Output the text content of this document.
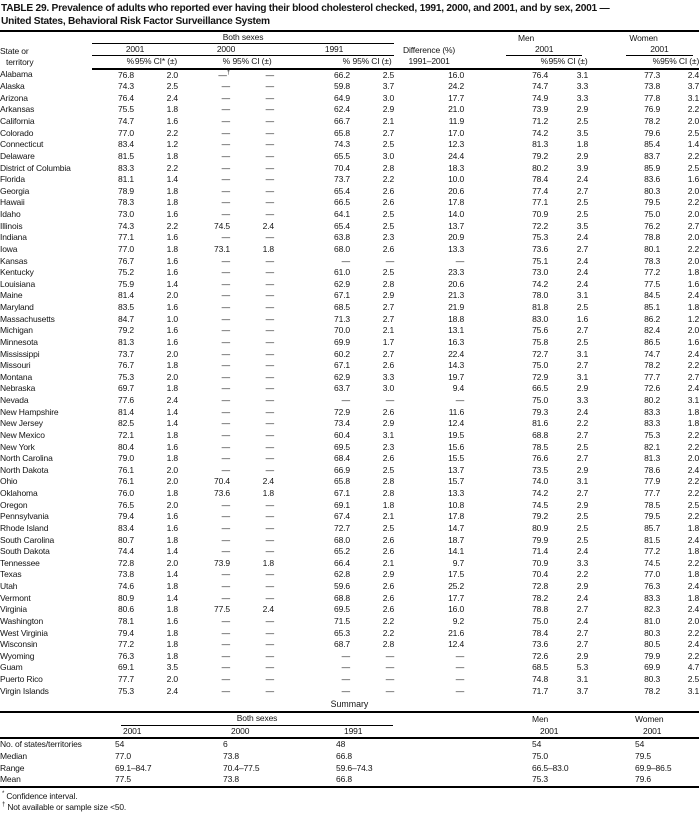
TABLE 29. Prevalence of adults who reported ever having their blood cholesterol checked, 1991, 2000, and 2001, and by sex, 2001 —
United States, Behavioral Risk Factor Surveillance System
State or
territory	Both sexes							Men		Women	
	2001		2000		1991		Difference (%)	2001		2001	

	%	95% CI* (±)	%	95% CI (±)	%	95% CI (±)	1991–2001	%	95% CI (±)	%	95% CI (±)
Alabama	76.8	2.0	—†	—	66.2	2.5	16.0	76.4	3.1	77.3	2.4
Alaska	74.3	2.5	—	—	59.8	3.7	24.2	74.7	3.3	73.8	3.7
Arizona	76.4	2.4	—	—	64.9	3.0	17.7	74.9	3.3	77.8	3.1
Arkansas	75.5	1.8	—	—	62.4	2.9	21.0	73.9	2.9	76.9	2.2
California	74.7	1.6	—	—	66.7	2.1	11.9	71.2	2.5	78.2	2.0
Colorado	77.0	2.2	—	—	65.8	2.7	17.0	74.2	3.5	79.6	2.5
Connecticut	83.4	1.2	—	—	74.3	2.5	12.3	81.3	1.8	85.4	1.4
Delaware	81.5	1.8	—	—	65.5	3.0	24.4	79.2	2.9	83.7	2.2
District of Columbia	83.3	2.2	—	—	70.4	2.8	18.3	80.2	3.9	85.9	2.5
Florida	81.1	1.4	—	—	73.7	2.2	10.0	78.4	2.4	83.6	1.6
Georgia	78.9	1.8	—	—	65.4	2.6	20.6	77.4	2.7	80.3	2.0
Hawaii	78.3	1.8	—	—	66.5	2.6	17.8	77.1	2.5	79.5	2.2
Idaho	73.0	1.6	—	—	64.1	2.5	14.0	70.9	2.5	75.0	2.0
Illinois	74.3	2.2	74.5	2.4	65.4	2.5	13.7	72.2	3.5	76.2	2.7
Indiana	77.1	1.6	—	—	63.8	2.3	20.9	75.3	2.4	78.8	2.0
Iowa	77.0	1.8	73.1	1.8	68.0	2.6	13.3	73.6	2.7	80.1	2.2
Kansas	76.7	1.6	—	—	—	—	—	75.1	2.4	78.3	2.0
Kentucky	75.2	1.6	—	—	61.0	2.5	23.3	73.0	2.4	77.2	1.8
Louisiana	75.9	1.4	—	—	62.9	2.8	20.6	74.2	2.4	77.5	1.6
Maine	81.4	2.0	—	—	67.1	2.9	21.3	78.0	3.1	84.5	2.4
Maryland	83.5	1.6	—	—	68.5	2.7	21.9	81.8	2.5	85.1	1.8
Massachusetts	84.7	1.0	—	—	71.3	2.7	18.8	83.0	1.6	86.2	1.2
Michigan	79.2	1.6	—	—	70.0	2.1	13.1	75.6	2.7	82.4	2.0
Minnesota	81.3	1.6	—	—	69.9	1.7	16.3	75.8	2.5	86.5	1.6
Mississippi	73.7	2.0	—	—	60.2	2.7	22.4	72.7	3.1	74.7	2.4
Missouri	76.7	1.8	—	—	67.1	2.6	14.3	75.0	2.7	78.2	2.2
Montana	75.3	2.0	—	—	62.9	3.3	19.7	72.9	3.1	77.7	2.7
Nebraska	69.7	1.8	—	—	63.7	3.0	9.4	66.5	2.9	72.6	2.4
Nevada	77.6	2.4	—	—	—	—	—	75.0	3.3	80.2	3.1
New Hampshire	81.4	1.4	—	—	72.9	2.6	11.6	79.3	2.4	83.3	1.8
New Jersey	82.5	1.4	—	—	73.4	2.9	12.4	81.6	2.2	83.3	1.8
New Mexico	72.1	1.8	—	—	60.4	3.1	19.5	68.8	2.7	75.3	2.2
New York	80.4	1.6	—	—	69.5	2.3	15.6	78.5	2.5	82.1	2.2
North Carolina	79.0	1.8	—	—	68.4	2.6	15.5	76.6	2.7	81.3	2.0
North Dakota	76.1	2.0	—	—	66.9	2.5	13.7	73.5	2.9	78.6	2.4
Ohio	76.1	2.0	70.4	2.4	65.8	2.8	15.7	74.0	3.1	77.9	2.2
Oklahoma	76.0	1.8	73.6	1.8	67.1	2.8	13.3	74.2	2.7	77.7	2.2
Oregon	76.5	2.0	—	—	69.1	1.8	10.8	74.5	2.9	78.5	2.5
Pennsylvania	79.4	1.6	—	—	67.4	2.1	17.8	79.2	2.5	79.5	2.2
Rhode Island	83.4	1.6	—	—	72.7	2.5	14.7	80.9	2.5	85.7	1.8
South Carolina	80.7	1.8	—	—	68.0	2.6	18.7	79.9	2.5	81.5	2.4
South Dakota	74.4	1.4	—	—	65.2	2.6	14.1	71.4	2.4	77.2	1.8
Tennessee	72.8	2.0	73.9	1.8	66.4	2.1	9.7	70.9	3.3	74.5	2.2
Texas	73.8	1.4	—	—	62.8	2.9	17.5	70.4	2.2	77.0	1.8
Utah	74.6	1.8	—	—	59.6	2.6	25.2	72.8	2.9	76.3	2.4
Vermont	80.9	1.4	—	—	68.8	2.6	17.7	78.2	2.4	83.3	1.8
Virginia	80.6	1.8	77.5	2.4	69.5	2.6	16.0	78.8	2.7	82.3	2.4
Washington	78.1	1.6	—	—	71.5	2.2	9.2	75.0	2.4	81.0	2.0
West Virginia	79.4	1.8	—	—	65.3	2.2	21.6	78.4	2.7	80.3	2.2
Wisconsin	77.2	1.8	—	—	68.7	2.8	12.4	73.6	2.7	80.5	2.4
Wyoming	76.3	1.8	—	—	—	—	—	72.6	2.9	79.9	2.2
Guam	69.1	3.5	—	—	—	—	—	68.5	5.3	69.9	4.7
Puerto Rico	77.7	2.0	—	—	—	—	—	74.8	3.1	80.3	2.5
Virgin Islands	75.3	2.4	—	—	—	—	—	71.7	3.7	78.2	3.1
Summary

	Both sexes			Men	Women
	2001	2000	1991	2001	2001
No. of states/territories	54	6	48	54	54
Median	77.0	73.8	66.8	75.0	79.5
Range	69.1–84.7	70.4–77.5	59.6–74.3	66.5–83.0	69.9–86.5
Mean	77.5	73.8	66.8	75.3	79.6
* Confidence interval.
† Not available or sample size <50.
